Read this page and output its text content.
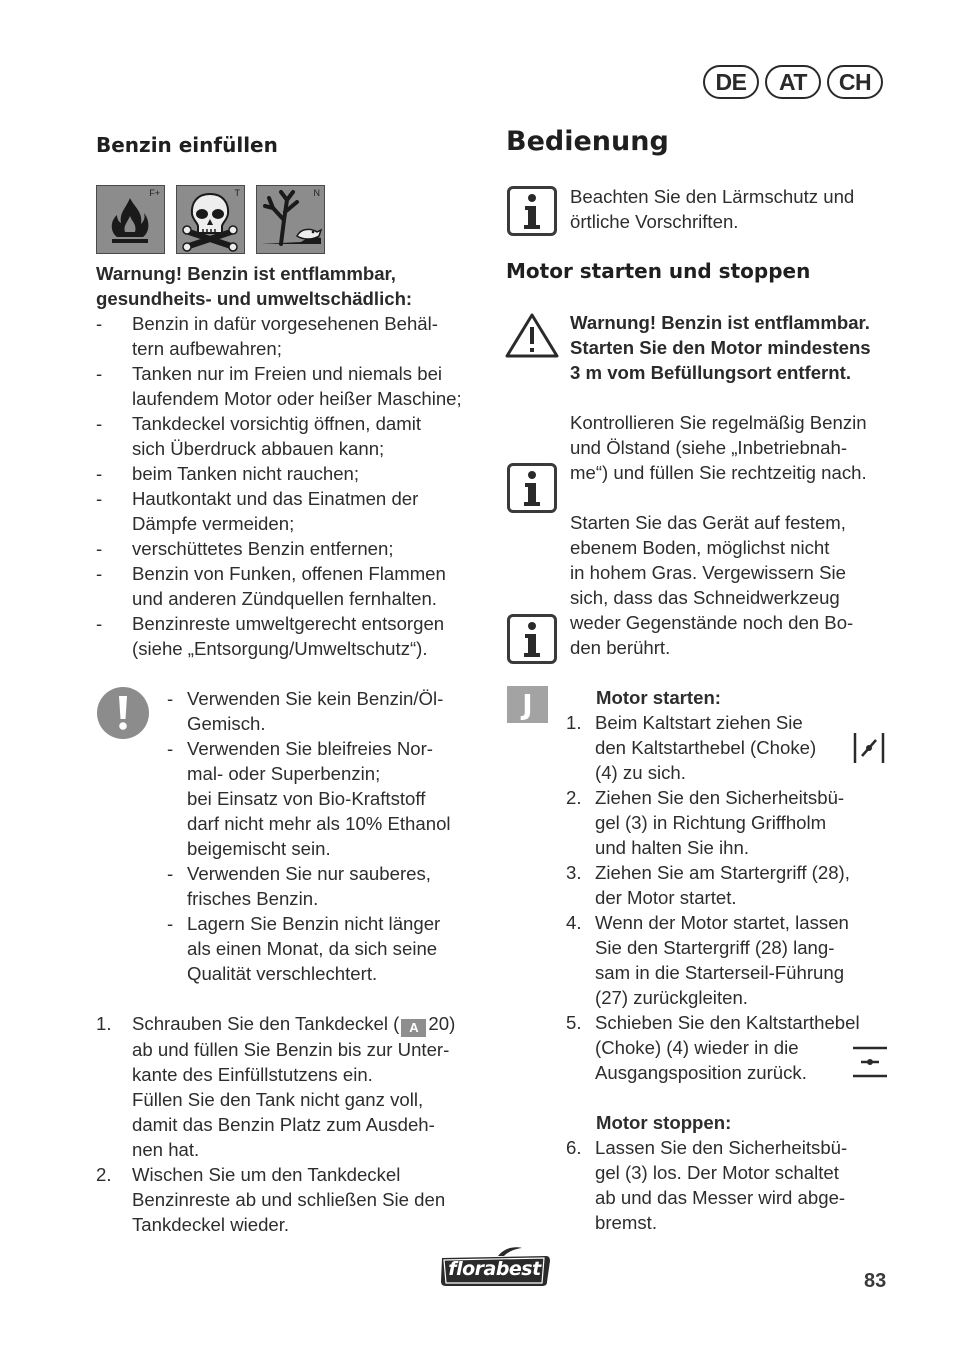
DE	AT	CH
Benzin einfüllen
F+	T	N
Warnung! Benzin ist entflammbar,
gesundheits- und umweltschädlich:
- Benzin in dafür vorgesehenen Behäl-
tern aufbewahren;
- Tanken nur im Freien und niemals bei
laufendem Motor oder heißer Maschine;
- Tankdeckel vorsichtig öffnen, damit
sich Überdruck abbauen kann;
- beim Tanken nicht rauchen;
- Hautkontakt und das Einatmen der
Dämpfe vermeiden;
- verschüttetes Benzin entfernen;
- Benzin von Funken, offenen Flammen
und anderen Zündquellen fernhalten.
- Benzinreste umweltgerecht entsorgen
(siehe „Entsorgung/Umweltschutz“).
- Verwenden Sie kein Benzin/Öl-
Gemisch.
- Verwenden Sie bleifreies Nor-
mal- oder Superbenzin;
bei Einsatz von Bio-Kraftstoff
darf nicht mehr als 10% Ethanol
beigemischt sein.
- Verwenden Sie nur sauberes,
frisches Benzin.
- Lagern Sie Benzin nicht länger
als einen Monat, da sich seine
Qualität verschlechtert.
1. Schrauben Sie den Tankdeckel ( A 20)
ab und füllen Sie Benzin bis zur Unter-
kante des Einfüllstutzens ein.
Füllen Sie den Tank nicht ganz voll,
damit das Benzin Platz zum Ausdeh-
nen hat.
2. Wischen Sie um den Tankdeckel
Benzinreste ab und schließen Sie den
Tankdeckel wieder.
Bedienung
Beachten Sie den Lärmschutz und
örtliche Vorschriften.
Motor starten und stoppen
Warnung! Benzin ist entflammbar.
Starten Sie den Motor mindestens
3 m vom Befüllungsort entfernt.
Kontrollieren Sie regelmäßig Benzin
und Ölstand (siehe „Inbetriebnah-
me“) und füllen Sie rechtzeitig nach.
Starten Sie das Gerät auf festem,
ebenem Boden, möglichst nicht
in hohem Gras. Vergewissern Sie
sich, dass das Schneidwerkzeug
weder Gegenstände noch den Bo-
den berührt.
J	Motor starten:
1. Beim Kaltstart ziehen Sie
den Kaltstarthebel (Choke)
(4) zu sich.
2. Ziehen Sie den Sicherheitsbü-
gel (3) in Richtung Griffholm
und halten Sie ihn.
3. Ziehen Sie am Startergriff (28),
der Motor startet.
4. Wenn der Motor startet, lassen
Sie den Startergriff (28) lang-
sam in die Starterseil-Führung
(27) zurückgleiten.
5. Schieben Sie den Kaltstarthebel
(Choke) (4) wieder in die
Ausgangsposition zurück.
Motor stoppen:
6. Lassen Sie den Sicherheitsbü-
gel (3) los. Der Motor schaltet
ab und das Messer wird abge-
bremst.
florabest
83
